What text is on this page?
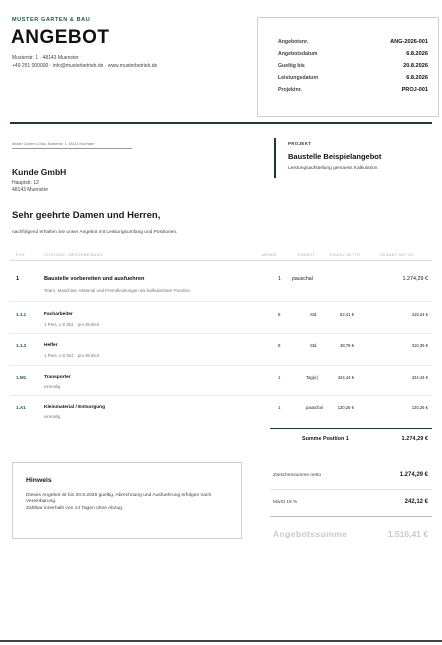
MUSTER GARTEN & BAU
ANGEBOT
Musterstr. 1 · 48143 Muenster
+49 251 000000 · info@musterbetrieb.de · www.musterbetrieb.de
Angebotsnr.	ANG-2026-001
Angebotsdatum	6.8.2026
Gueltig bis	20.8.2026
Leistungsdatum	6.8.2026
Projektnr.	PROJ-001
Muster Garten & Bau, Musterstr. 1, 48143 Muenster
Kunde GmbH
Hauptstr. 12
48143 Muenster
PROJEKT
Baustelle Beispielangebot
Leistungsaufstellung gemaess Kalkulation.
Sehr geehrte Damen und Herren,
nachfolgend erhalten Sie unser Angebot mit Leistungsumfang und Positionen.
POS.	LEISTUNG / BESCHREIBUNG	MENGE	EINHEIT	EINZEL NETTO	GESAMT NETTO
1	Baustelle vorbereiten und ausfuehren
Team, Maschine, Material und Fremdleistungen als kalkulierbare Position.
1 pauschal	1.274,29 €
1.1.1	Facharbeiter
1 Pers. x 8 Std. · pro Einheit
8	Std.	52,41 €	419,24 €
1.1.2	Helfer
1 Pers. x 8 Std. · pro Einheit
8	Std.	38,79 €	310,35 €
1.M1	Transporter
einmalig
1	Tag(e)	424,44 €	424,44 €
1.A1	Kleinmaterial / Entsorgung
einmalig
1	pauschal	120,26 €	120,26 €
Summe Position 1	1.274,29 €
Hinweis
Dieses Angebot ist bis 20.8.2026 gueltig. Abrechnung und Ausfuehrung erfolgen nach Vereinbarung.
Zahlbar innerhalb von 14 Tagen ohne Abzug.
Zwischensumme netto	1.274,29 €
MwSt 19 %	242,12 €
Angebotssumme	1.516,41 €
